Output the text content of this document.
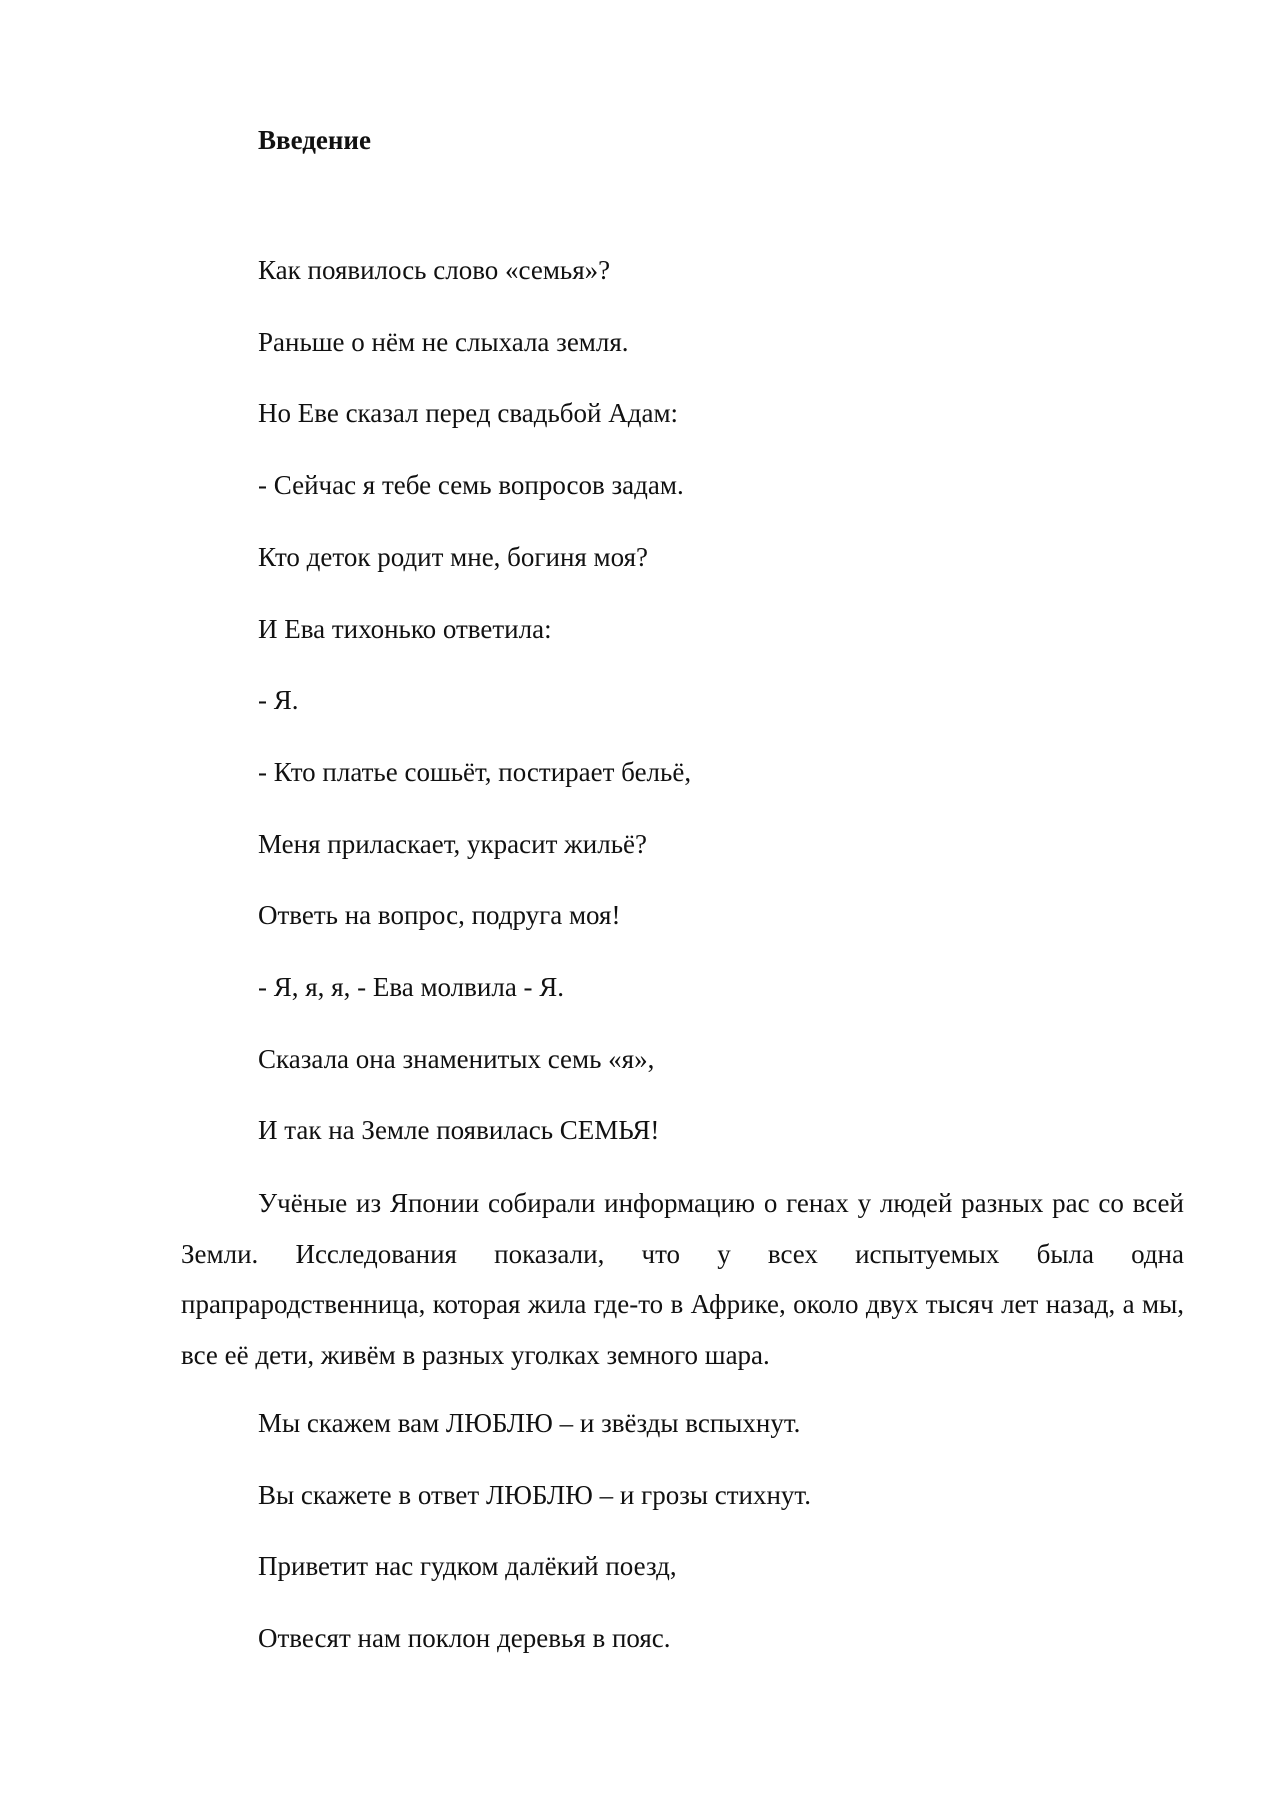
Введение
Как появилось слово «семья»?
Раньше о нём не слыхала земля.
Но Еве сказал перед свадьбой Адам:
- Сейчас я тебе семь вопросов задам.
Кто деток родит мне, богиня моя?
И Ева тихонько ответила:
- Я.
- Кто платье сошьёт, постирает бельё,
Меня приласкает, украсит жильё?
Ответь на вопрос, подруга моя!
- Я, я, я, - Ева молвила - Я.
Сказала она знаменитых семь «я»,
И так на Земле появилась СЕМЬЯ!

Учёные из Японии собирали информацию о генах у людей разных рас со всей Земли. Исследования показали, что у всех испытуемых была одна прапрародственница, которая жила где-то в Африке, около двух тысяч лет назад, а мы, все её дети, живём в разных уголках земного шара.

Мы скажем вам ЛЮБЛЮ – и звёзды вспыхнут.
Вы скажете в ответ ЛЮБЛЮ – и грозы стихнут.
Приветит нас гудком далёкий поезд,
Отвесят нам поклон деревья в пояс.
